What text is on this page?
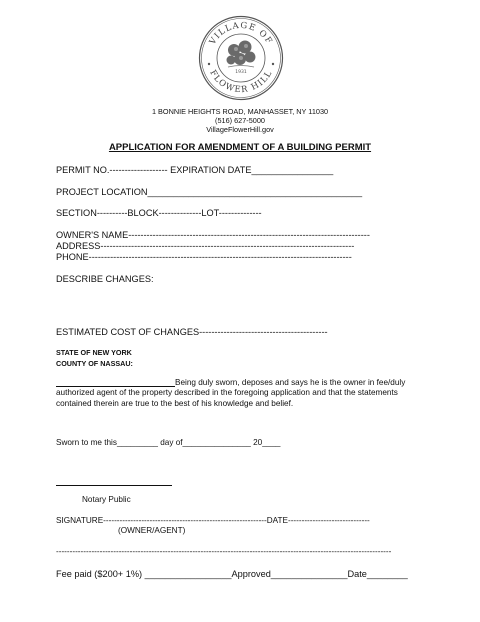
VILLAGE OF
FLOWER HILL
1931
1 BONNIE HEIGHTS ROAD, MANHASSET, NY 11030
(516) 627-5000
VillageFlowerHill.gov
APPLICATION FOR AMENDMENT OF A BUILDING PERMIT
PERMIT NO.------------------- EXPIRATION DATE________________
PROJECT LOCATION__________________________________________
SECTION----------BLOCK--------------LOT--------------
OWNER'S NAME-------------------------------------------------------------------------------
ADDRESS-----------------------------------------------------------------------------------
PHONE--------------------------------------------------------------------------------------
DESCRIBE CHANGES:
ESTIMATED COST OF CHANGES------------------------------------------
STATE OF NEW YORK
COUNTY OF NASSAU:
Being duly sworn, deposes and says he is the owner in fee/duly
authorized agent of the property described in the foregoing application and that the statements
contained therein are true to the best of his knowledge and belief.
Sworn to me this_________ day of_______________ 20____
Notary Public
SIGNATURE------------------------------------------------------------DATE------------------------------
(OWNER/AGENT)
---------------------------------------------------------------------------------------------------------------------------
Fee paid ($200+ 1%) _________________Approved_______________Date________
